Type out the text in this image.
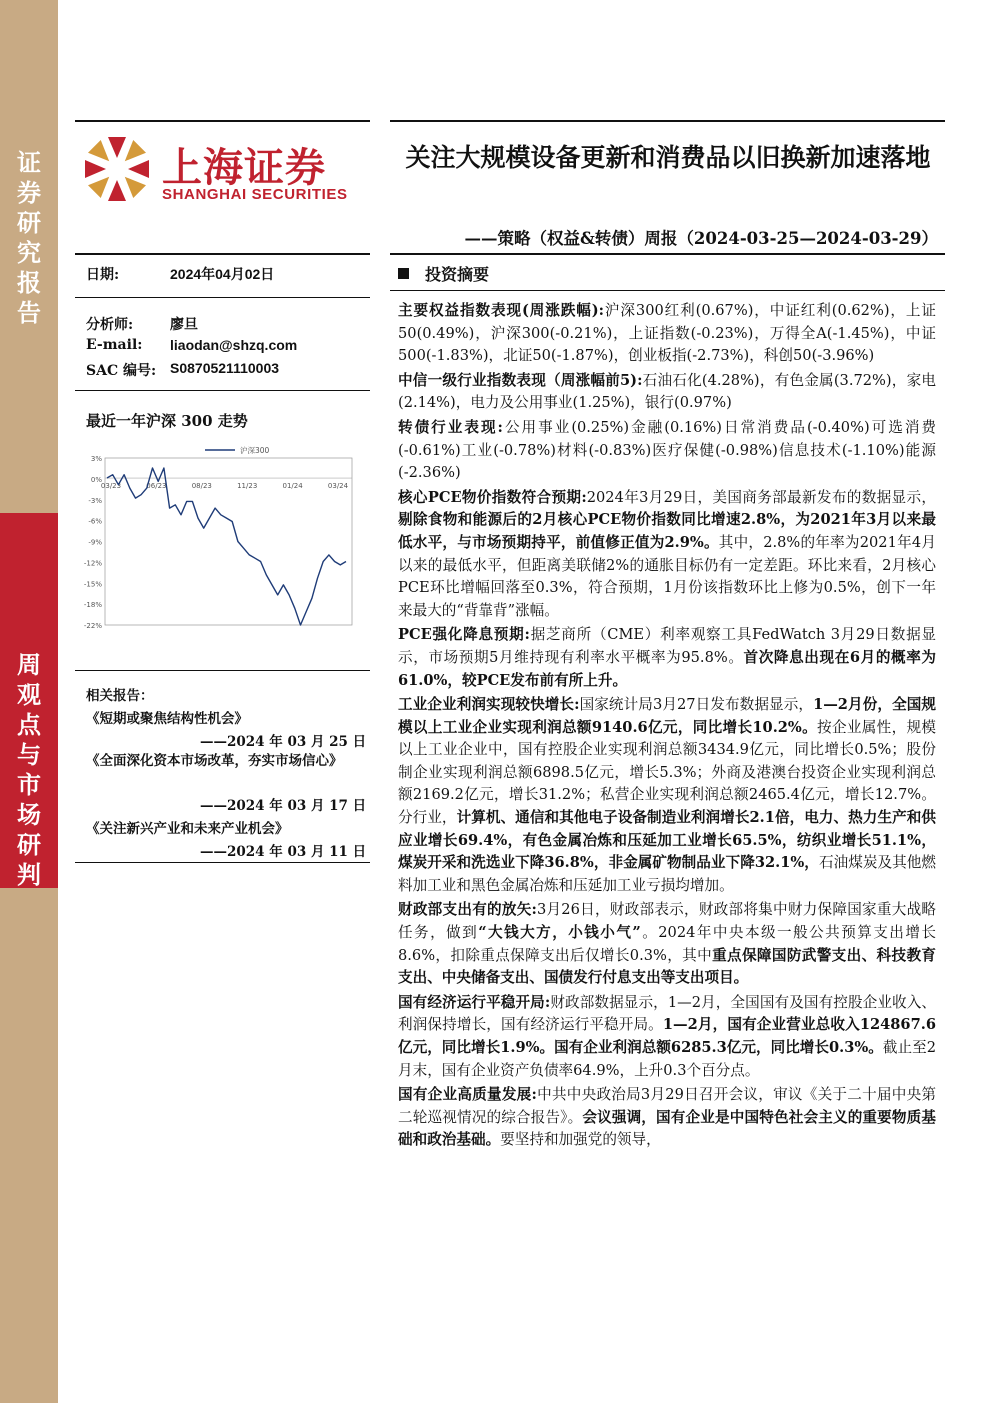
证券研究报告
周观点与市场研判
上海证券
SHANGHAI SECURITIES
关注大规模设备更新和消费品以旧换新加速落地
——策略（权益&转债）周报（2024-03-25—2024-03-29）
日期:	2024年04月02日
分析师:	廖旦
E-mail: liaodan@shzq.com
SAC 编号: S0870521110003
最近一年沪深 300 走势
3%
0%
-3%
-6%
-9%
-12%
-15%
-18%
-22%
03/23	06/23	08/23	11/23	01/24	03/24
沪深300
相关报告：
《短期或聚焦结构性机会》
——2024 年 03 月 25 日
《全面深化资本市场改革，夯实市场信心》
——2024 年 03 月 17 日
《关注新兴产业和未来产业机会》
——2024 年 03 月 11 日
投资摘要

主要权益指数表现(周涨跌幅):沪深300红利(0.67%)，中证红利(0.62%)，上证50(0.49%)，沪深300(-0.21%)，上证指数(-0.23%)，万得全A(-1.45%)，中证500(-1.83%)，北证50(-1.87%)，创业板指(-2.73%)，科创50(-3.96%)

中信一级行业指数表现（周涨幅前5):石油石化(4.28%)，有色金属(3.72%)，家电(2.14%)，电力及公用事业(1.25%)，银行(0.97%)

转债行业表现:公用事业(0.25%)金融(0.16%)日常消费品(-0.40%)可选消费(-0.61%)工业(-0.78%)材料(-0.83%)医疗保健(-0.98%)信息技术(-1.10%)能源(-2.36%)

核心PCE物价指数符合预期:2024年3月29日，美国商务部最新发布的数据显示，剔除食物和能源后的2月核心PCE物价指数同比增速2.8%，为2021年3月以来最低水平，与市场预期持平，前值修正值为2.9%。其中，2.8%的年率为2021年4月以来的最低水平，但距离美联储2%的通胀目标仍有一定差距。环比来看，2月核心PCE环比增幅回落至0.3%，符合预期，1月份该指数环比上修为0.5%，创下一年来最大的“背靠背”涨幅。

PCE强化降息预期:据芝商所（CME）利率观察工具FedWatch 3月29日数据显示，市场预期5月维持现有利率水平概率为95.8%。首次降息出现在6月的概率为61.0%，较PCE发布前有所上升。

工业企业利润实现较快增长:国家统计局3月27日发布数据显示，1—2月份，全国规模以上工业企业实现利润总额9140.6亿元，同比增长10.2%。按企业属性，规模以上工业企业中，国有控股企业实现利润总额3434.9亿元，同比增长0.5%；股份制企业实现利润总额6898.5亿元，增长5.3%；外商及港澳台投资企业实现利润总额2169.2亿元，增长31.2%；私营企业实现利润总额2465.4亿元，增长12.7%。分行业，计算机、通信和其他电子设备制造业利润增长2.1倍，电力、热力生产和供应业增长69.4%，有色金属冶炼和压延加工业增长65.5%，纺织业增长51.1%，煤炭开采和洗选业下降36.8%，非金属矿物制品业下降32.1%，石油煤炭及其他燃料加工业和黑色金属冶炼和压延加工业亏损均增加。

财政部支出有的放矢:3月26日，财政部表示，财政部将集中财力保障国家重大战略任务，做到“大钱大方，小钱小气”。2024年中央本级一般公共预算支出增长8.6%，扣除重点保障支出后仅增长0.3%，其中重点保障国防武警支出、科技教育支出、中央储备支出、国债发行付息支出等支出项目。

国有经济运行平稳开局:财政部数据显示，1—2月，全国国有及国有控股企业收入、利润保持增长，国有经济运行平稳开局。1—2月，国有企业营业总收入124867.6亿元，同比增长1.9%。国有企业利润总额6285.3亿元，同比增长0.3%。截止至2月末，国有企业资产负债率64.9%，上升0.3个百分点。

国有企业高质量发展:中共中央政治局3月29日召开会议，审议《关于二十届中央第二轮巡视情况的综合报告》。会议强调，国有企业是中国特色社会主义的重要物质基础和政治基础。要坚持和加强党的领导，
